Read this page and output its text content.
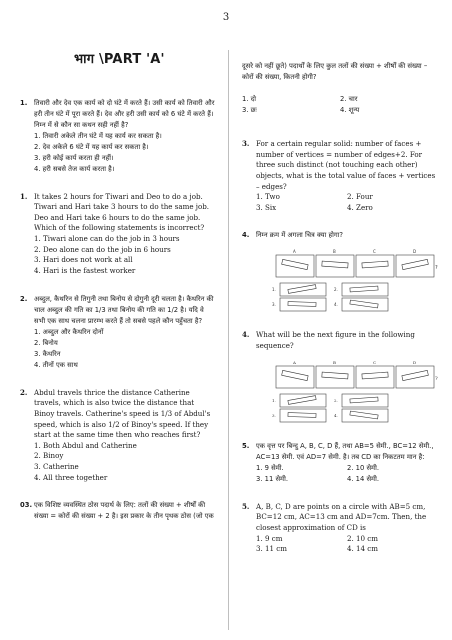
3
भाग \PART 'A'
1. तिवारी और देव एक कार्य को दो घंटे में करते हैं। उसी कार्य को तिवारी और हरी तीन घंटे में पूरा करते हैं। देव और हरी उसी कार्य को 6 घंटे में करते हैं। निम्न में से कौन सा कथन सही नहीं है?
1. तिवारी अकेले तीन घंटे में यह कार्य कर सकता है।
2. देव अकेले 6 घंटे में यह कार्य कर सकता है।
3. हरी कोई कार्य करता ही नहीं।
4. हरी सबसे तेज कार्य करता है।
1. It takes 2 hours for Tiwari and Deo to do a job. Tiwari and Hari take 3 hours to do the same job. Deo and Hari take 6 hours to do the same job. Which of the following statements is incorrect?
1. Tiwari alone can do the job in 3 hours
2. Deo alone can do the job in 6 hours
3. Hari does not work at all
4. Hari is the fastest worker
2. अब्दुल, कैथरिन से तिगुनी तथा बिनोय से दोगुनी दूरी चलता है। कैथरिन की चाल अब्दुल की गति का 1/3 तथा बिनोय की गति का 1/2 है। यदि वे सभी एक साथ चलना प्रारम्भ करते हैं तो सबसे पहले कौन पहुँचता है?
1. अब्दुल और कैथरिन दोनों
2. बिनोय
3. कैथरिन
4. तीनों एक साथ
2. Abdul travels thrice the distance Catherine travels, which is also twice the distance that Binoy travels. Catherine's speed is 1/3 of Abdul's speed, which is also 1/2 of Binoy's speed. If they start at the same time then who reaches first?
1. Both Abdul and Catherine
2. Binoy
3. Catherine
4. All three together
03. एक विशिष्ट व्यवस्थित ठोस पदार्थ के लिए: तलों की संख्या + शीर्षों की संख्या = कोरों की संख्या + 2 है। इस प्रकार के तीन पृथक ठोस (जो एक

दूसरे को नहीं छूते) पदार्थों के लिए कुल तलों की संख्या + शीर्षों की संख्या – कोरों की संख्या, कितनी होगी?

1. दो	2. चार
3. छः	4. शून्य

3. For a certain regular solid: number of faces + number of vertices = number of edges+2. For three such distinct (not touching each other) objects, what is the total value of faces + vertices – edges?
1. Two	2. Four
3. Six	4. Zero
4. निम्न क्रम में अगला चित्र क्या होगा?
A	B	C	D
?
1.	2.
3.	4.
4. What will be the next figure in the following sequence?
A	B	C	D
?
1.	2.
3.	4.
5. एक वृत्त पर बिन्दु A, B, C, D हैं, तथा AB=5 सेमी., BC=12 सेमी., AC=13 सेमी. एवं AD=7 सेमी. है। तब CD का निकटतम मान है:
1. 9 सेमी.	2. 10 सेमी.
3. 11 सेमी.	4. 14 सेमी.
5. A, B, C, D are points on a circle with AB=5 cm, BC=12 cm, AC=13 cm and AD=7cm. Then, the closest approximation of CD is
1. 9 cm	2. 10 cm
3. 11 cm	4. 14 cm
